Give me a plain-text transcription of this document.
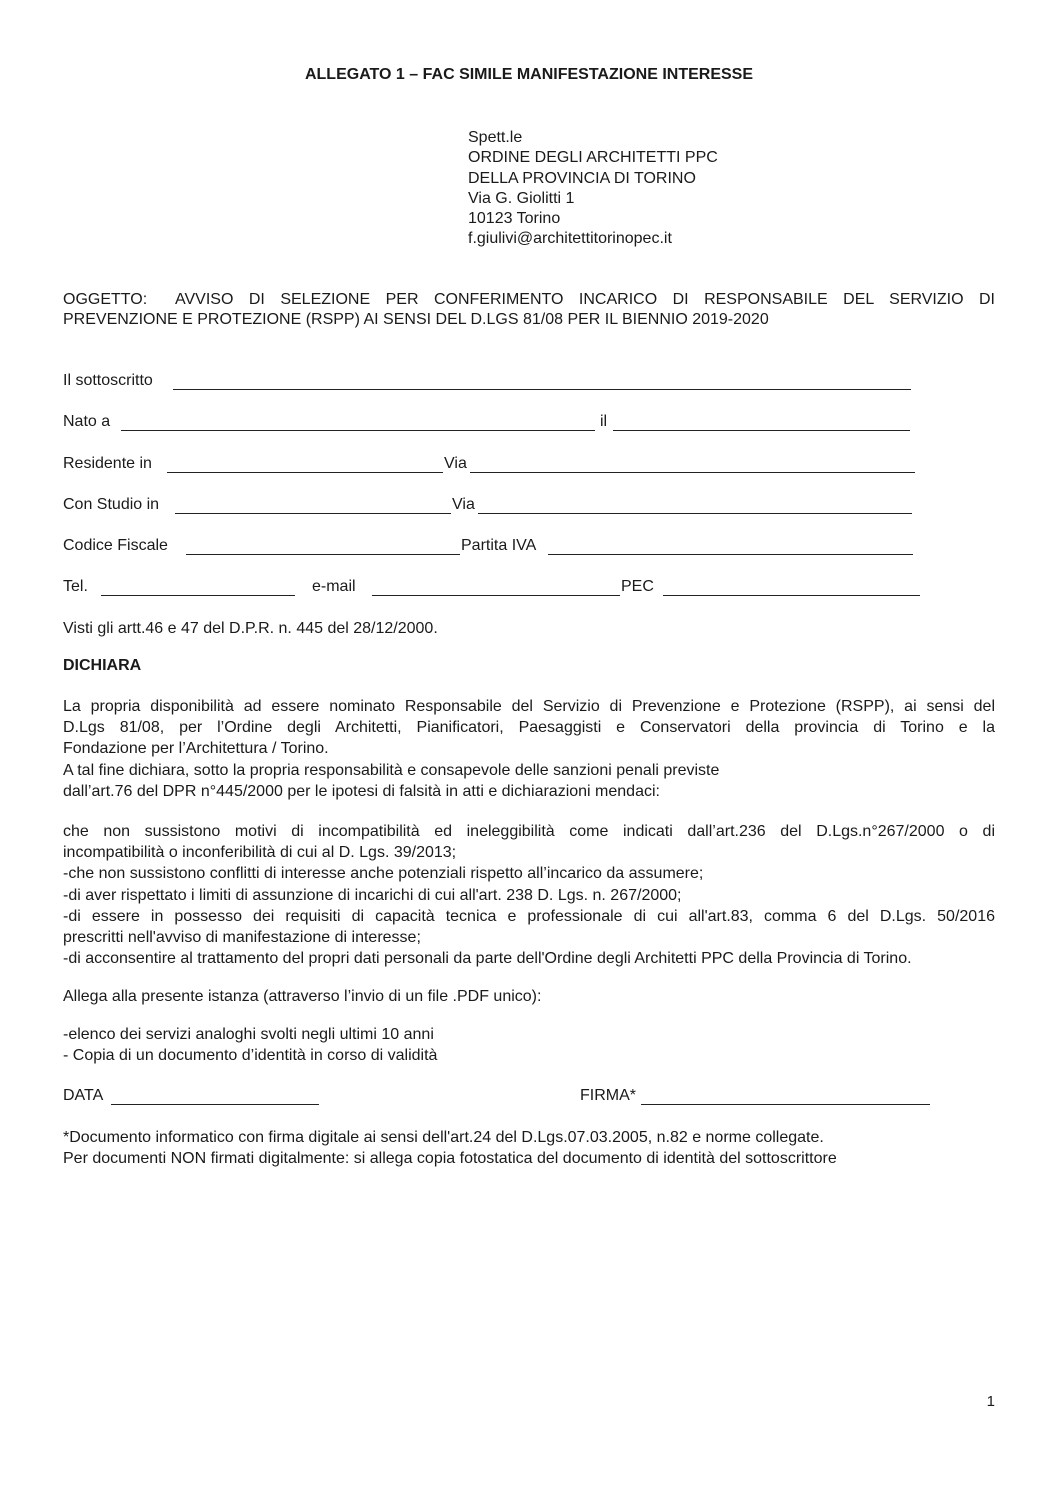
ALLEGATO 1 – FAC SIMILE MANIFESTAZIONE INTERESSE
Spett.le
ORDINE DEGLI ARCHITETTI PPC
DELLA PROVINCIA DI TORINO
Via G. Giolitti 1
10123 Torino
f.giulivi@architettitorinopec.it
OGGETTO: AVVISO DI SELEZIONE PER CONFERIMENTO INCARICO DI RESPONSABILE DEL SERVIZIO DI
PREVENZIONE E PROTEZIONE (RSPP) AI SENSI DEL D.LGS 81/08 PER IL BIENNIO 2019-2020
Il sottoscritto
Nato a	il
Residente in	Via
Con Studio in	Via
Codice Fiscale	Partita IVA
Tel.	e-mail	PEC
Visti gli artt.46 e 47 del D.P.R. n. 445 del 28/12/2000.
DICHIARA
La propria disponibilità ad essere nominato Responsabile del Servizio di Prevenzione e Protezione (RSPP), ai sensi del
D.Lgs 81/08, per l’Ordine degli Architetti, Pianificatori, Paesaggisti e Conservatori della provincia di Torino e la
Fondazione per l’Architettura / Torino.
A tal fine dichiara, sotto la propria responsabilità e consapevole delle sanzioni penali previste
dall’art.76 del DPR n°445/2000 per le ipotesi di falsità in atti e dichiarazioni mendaci:
che non sussistono motivi di incompatibilità ed ineleggibilità come indicati dall’art.236 del D.Lgs.n°267/2000 o di
incompatibilità o inconferibilità di cui al D. Lgs. 39/2013;
-che non sussistono conflitti di interesse anche potenziali rispetto all’incarico da assumere;
-di aver rispettato i limiti di assunzione di incarichi di cui all'art. 238 D. Lgs. n. 267/2000;
-di essere in possesso dei requisiti di capacità tecnica e professionale di cui all'art.83, comma 6 del D.Lgs. 50/2016
prescritti nell'avviso di manifestazione di interesse;
-di acconsentire al trattamento del propri dati personali da parte dell'Ordine degli Architetti PPC della Provincia di Torino.
Allega alla presente istanza (attraverso l’invio di un file .PDF unico):
-elenco dei servizi analoghi svolti negli ultimi 10 anni
- Copia di un documento d’identità in corso di validità
DATA	FIRMA*
*Documento informatico con firma digitale ai sensi dell'art.24 del D.Lgs.07.03.2005, n.82 e norme collegate.
Per documenti NON firmati digitalmente: si allega copia fotostatica del documento di identità del sottoscrittore
1
